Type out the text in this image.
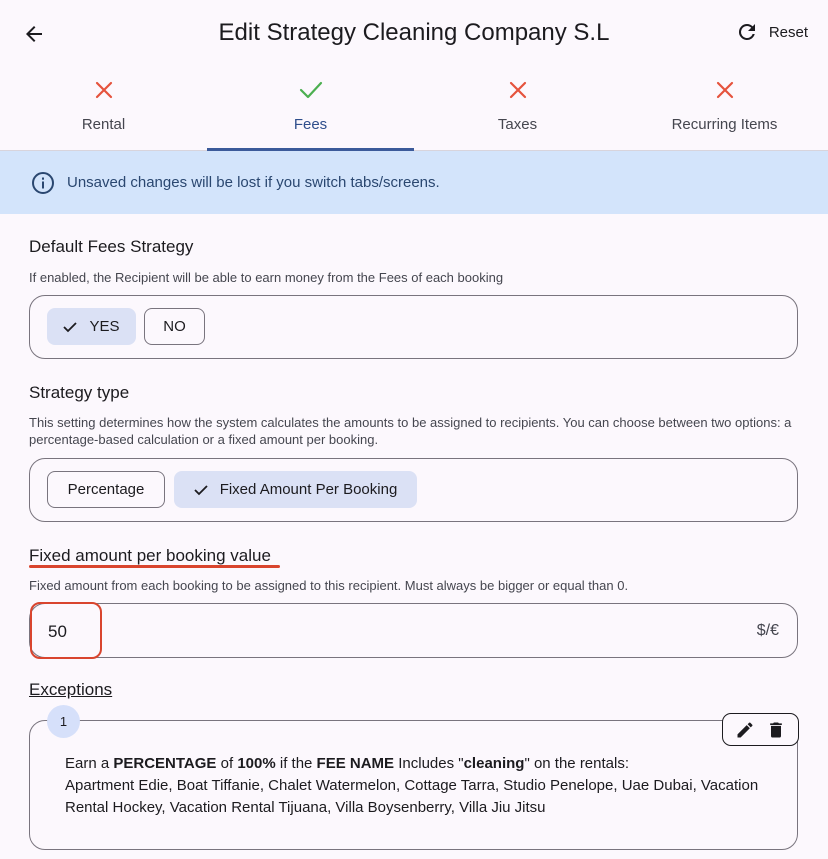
Edit Strategy Cleaning Company S.L	Reset
Rental	Fees	Taxes	Recurring Items
Unsaved changes will be lost if you switch tabs/screens.
Default Fees Strategy
If enabled, the Recipient will be able to earn money from the Fees of each booking
YES	NO
Strategy type
This setting determines how the system calculates the amounts to be assigned to recipients. You can choose between two options: a percentage-based calculation or a fixed amount per booking.
Percentage	Fixed Amount Per Booking
Fixed amount per booking value
Fixed amount from each booking to be assigned to this recipient. Must always be bigger or equal than 0.
50	$/€
Exceptions
1
Earn a PERCENTAGE of 100% if the FEE NAME Includes "cleaning" on the rentals:
Apartment Edie, Boat Tiffanie, Chalet Watermelon, Cottage Tarra, Studio Penelope, Uae Dubai, Vacation Rental Hockey, Vacation Rental Tijuana, Villa Boysenberry, Villa Jiu Jitsu
